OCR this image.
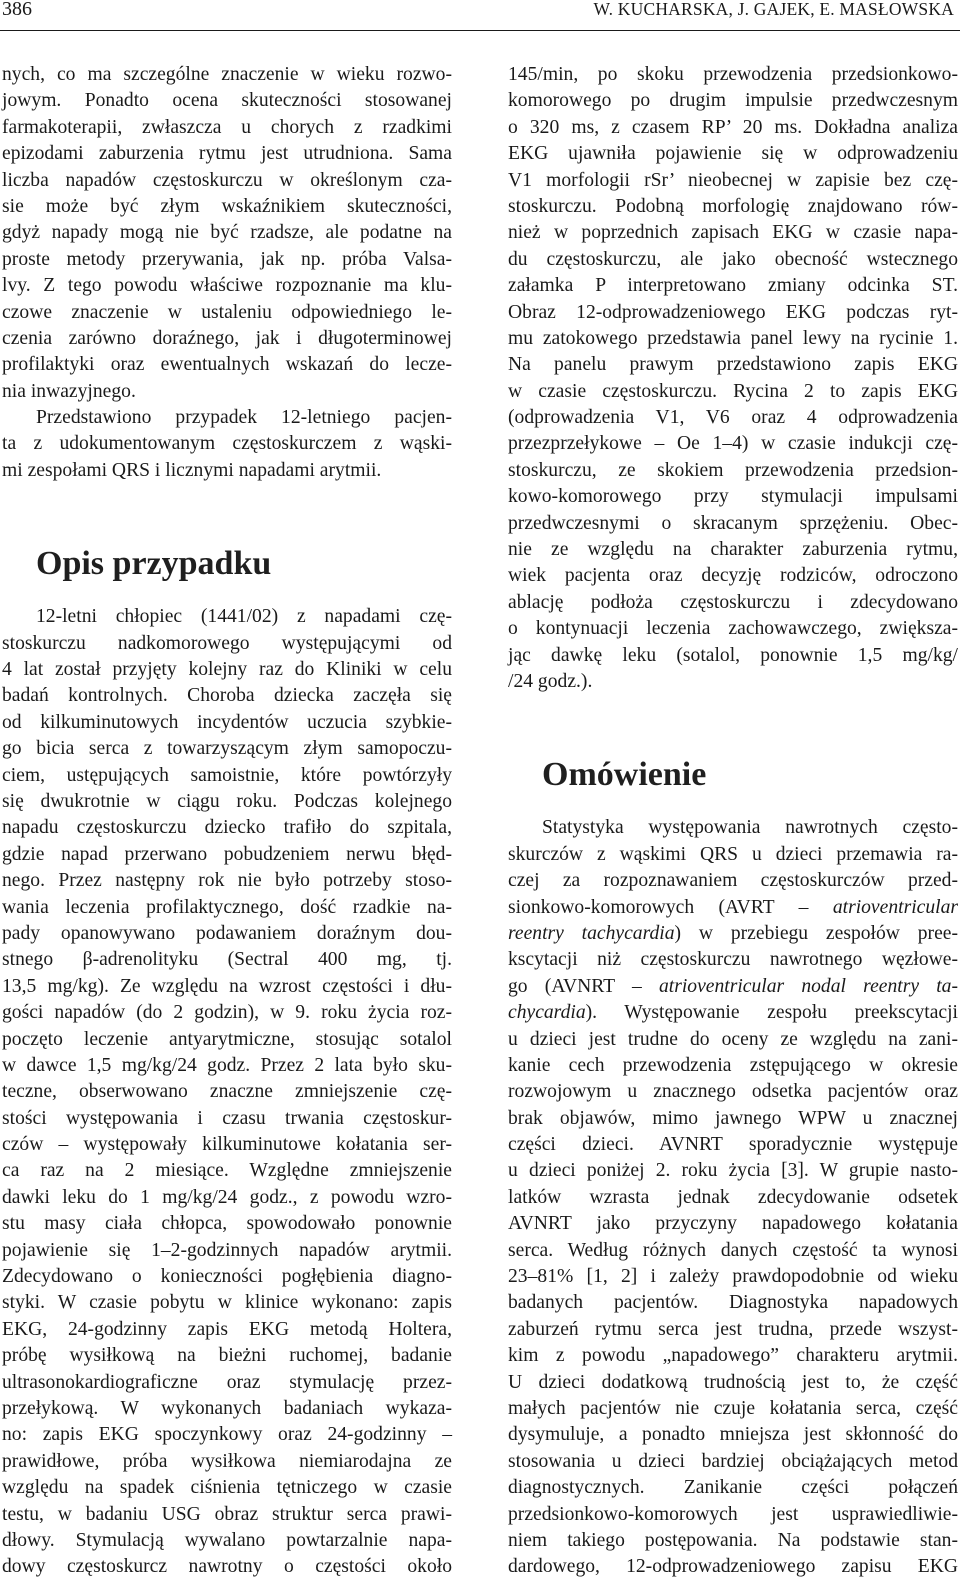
386	W. KUCHARSKA, J. GAJEK, E. MASŁOWSKA
nych, co ma szczególne znaczenie w wieku rozwo-
jowym. Ponadto ocena skuteczności stosowanej
farmakoterapii, zwłaszcza u chorych z rzadkimi
epizodami zaburzenia rytmu jest utrudniona. Sama
liczba napadów częstoskurczu w określonym cza-
sie może być złym wskaźnikiem skuteczności,
gdyż napady mogą nie być rzadsze, ale podatne na
proste metody przerywania, jak np. próba Valsa-
lvy. Z tego powodu właściwe rozpoznanie ma klu-
czowe znaczenie w ustaleniu odpowiedniego le-
czenia zarówno doraźnego, jak i długoterminowej
profilaktyki oraz ewentualnych wskazań do lecze-
nia inwazyjnego.
Przedstawiono przypadek 12-letniego pacjen-
ta z udokumentowanym częstoskurczem z wąski-
mi zespołami QRS i licznymi napadami arytmii.
Opis przypadku
12-letni chłopiec (1441/02) z napadami czę-
stoskurczu nadkomorowego występującymi od
4 lat został przyjęty kolejny raz do Kliniki w celu
badań kontrolnych. Choroba dziecka zaczęła się
od kilkuminutowych incydentów uczucia szybkie-
go bicia serca z towarzyszącym złym samopoczu-
ciem, ustępujących samoistnie, które powtórzyły
się dwukrotnie w ciągu roku. Podczas kolejnego
napadu częstoskurczu dziecko trafiło do szpitala,
gdzie napad przerwano pobudzeniem nerwu błęd-
nego. Przez następny rok nie było potrzeby stoso-
wania leczenia profilaktycznego, dość rzadkie na-
pady opanowywano podawaniem doraźnym dou-
stnego β-adrenolityku (Sectral 400 mg, tj.
13,5 mg/kg). Ze względu na wzrost częstości i dłu-
gości napadów (do 2 godzin), w 9. roku życia roz-
poczęto leczenie antyarytmiczne, stosując sotalol
w dawce 1,5 mg/kg/24 godz. Przez 2 lata było sku-
teczne, obserwowano znaczne zmniejszenie czę-
stości występowania i czasu trwania częstoskur-
czów – występowały kilkuminutowe kołatania ser-
ca raz na 2 miesiące. Względne zmniejszenie
dawki leku do 1 mg/kg/24 godz., z powodu wzro-
stu masy ciała chłopca, spowodowało ponownie
pojawienie się 1–2-godzinnych napadów arytmii.
Zdecydowano o konieczności pogłębienia diagno-
styki. W czasie pobytu w klinice wykonano: zapis
EKG, 24-godzinny zapis EKG metodą Holtera,
próbę wysiłkową na bieżni ruchomej, badanie
ultrasonokardiograficzne oraz stymulację przez-
przełykową. W wykonanych badaniach wykaza-
no: zapis EKG spoczynkowy oraz 24-godzinny –
prawidłowe, próba wysiłkowa niemiarodajna ze
względu na spadek ciśnienia tętniczego w czasie
testu, w badaniu USG obraz struktur serca prawi-
dłowy. Stymulacją wywalano powtarzalnie napa-
dowy częstoskurcz nawrotny o częstości około
145/min, po skoku przewodzenia przedsionkowo-
komorowego po drugim impulsie przedwczesnym
o 320 ms, z czasem RP’ 20 ms. Dokładna analiza
EKG ujawniła pojawienie się w odprowadzeniu
V1 morfologii rSr’ nieobecnej w zapisie bez czę-
stoskurczu. Podobną morfologię znajdowano rów-
nież w poprzednich zapisach EKG w czasie napa-
du częstoskurczu, ale jako obecność wstecznego
załamka P interpretowano zmiany odcinka ST.
Obraz 12-odprowadzeniowego EKG podczas ryt-
mu zatokowego przedstawia panel lewy na rycinie 1.
Na panelu prawym przedstawiono zapis EKG
w czasie częstoskurczu. Rycina 2 to zapis EKG
(odprowadzenia V1, V6 oraz 4 odprowadzenia
przezprzełykowe – Oe 1–4) w czasie indukcji czę-
stoskurczu, ze skokiem przewodzenia przedsion-
kowo-komorowego przy stymulacji impulsami
przedwczesnymi o skracanym sprzężeniu. Obec-
nie ze względu na charakter zaburzenia rytmu,
wiek pacjenta oraz decyzję rodziców, odroczono
ablację podłoża częstoskurczu i zdecydowano
o kontynuacji leczenia zachowawczego, zwiększa-
jąc dawkę leku (sotalol, ponownie 1,5 mg/kg/
/24 godz.).
Omówienie
Statystyka występowania nawrotnych często-
skurczów z wąskimi QRS u dzieci przemawia ra-
czej za rozpoznawaniem częstoskurczów przed-
sionkowo-komorowych (AVRT – atrioventricular
reentry tachycardia) w przebiegu zespołów pree-
kscytacji niż częstoskurczu nawrotnego węzłowe-
go (AVNRT – atrioventricular nodal reentry ta-
chycardia). Występowanie zespołu preekscytacji
u dzieci jest trudne do oceny ze względu na zani-
kanie cech przewodzenia zstępującego w okresie
rozwojowym u znacznego odsetka pacjentów oraz
brak objawów, mimo jawnego WPW u znacznej
części dzieci. AVNRT sporadycznie występuje
u dzieci poniżej 2. roku życia [3]. W grupie nasto-
latków wzrasta jednak zdecydowanie odsetek
AVNRT jako przyczyny napadowego kołatania
serca. Według różnych danych częstość ta wynosi
23–81% [1, 2] i zależy prawdopodobnie od wieku
badanych pacjentów. Diagnostyka napadowych
zaburzeń rytmu serca jest trudna, przede wszyst-
kim z powodu „napadowego” charakteru arytmii.
U dzieci dodatkową trudnością jest to, że część
małych pacjentów nie czuje kołatania serca, część
dysymuluje, a ponadto mniejsza jest skłonność do
stosowania u dzieci bardziej obciążających metod
diagnostycznych. Zanikanie części połączeń
przedsionkowo-komorowych jest usprawiedliwie-
niem takiego postępowania. Na podstawie stan-
dardowego, 12-odprowadzeniowego zapisu EKG
